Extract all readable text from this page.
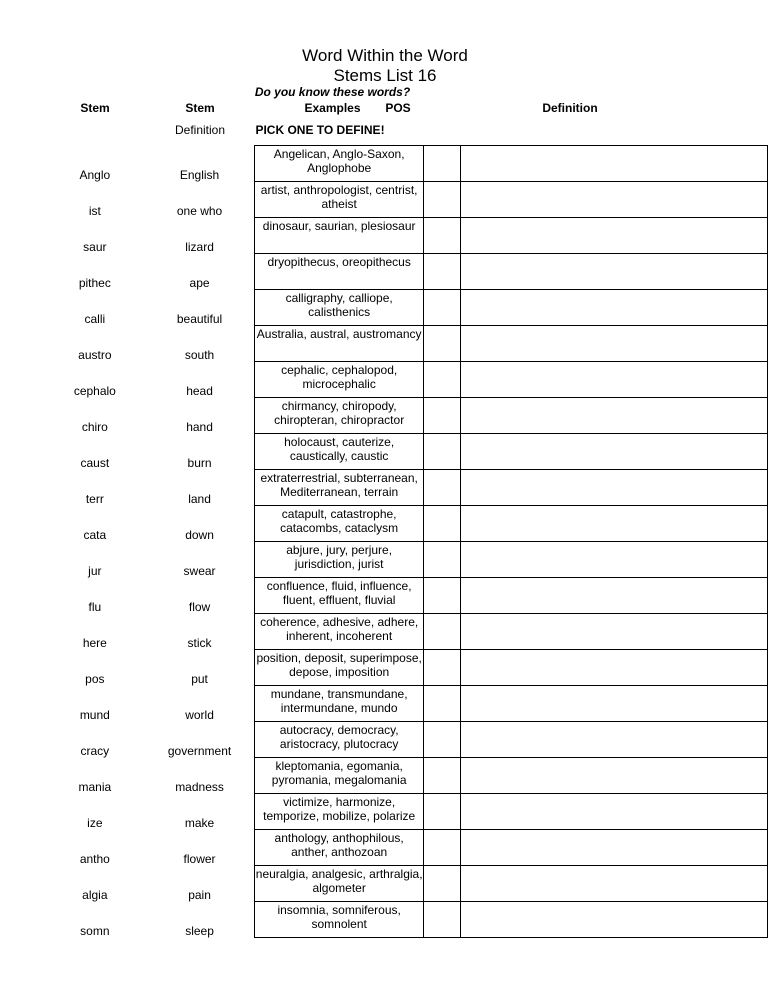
Word Within the Word
Stems List 16
Do you know these words?
Stem	Stem
Definition
Examples
PICK ONE TO DEFINE!
POS	Definition
Anglo	English	Angelican, Anglo-Saxon, Anglophobe		

ist	one who	artist, anthropologist, centrist, atheist		

saur	lizard	dinosaur, saurian, plesiosaur		

pithec	ape	dryopithecus, oreopithecus		

calli	beautiful	calligraphy, calliope, calisthenics		

austro	south	Australia, austral, austromancy		

cephalo	head	cephalic, cephalopod, microcephalic		

chiro	hand	chirmancy, chiropody, chiropteran, chiropractor		

caust	burn	holocaust, cauterize, caustically, caustic		

terr	land	extraterrestrial, subterranean, Mediterranean, terrain		

cata	down	catapult, catastrophe, catacombs, cataclysm		

jur	swear	abjure, jury, perjure, jurisdiction, jurist		

flu	flow	confluence, fluid, influence, fluent, effluent, fluvial		

here	stick	coherence, adhesive, adhere, inherent, incoherent		

pos	put	position, deposit, superimpose, depose, imposition		

mund	world	mundane, transmundane, intermundane, mundo		

cracy	government	autocracy, democracy, aristocracy, plutocracy		

mania	madness	kleptomania, egomania, pyromania, megalomania		

ize	make	victimize, harmonize, temporize, mobilize, polarize		

antho	flower	anthology, anthophilous, anther, anthozoan		

algia	pain	neuralgia, analgesic, arthralgia, algometer		

somn	sleep	insomnia, somniferous, somnolent		
